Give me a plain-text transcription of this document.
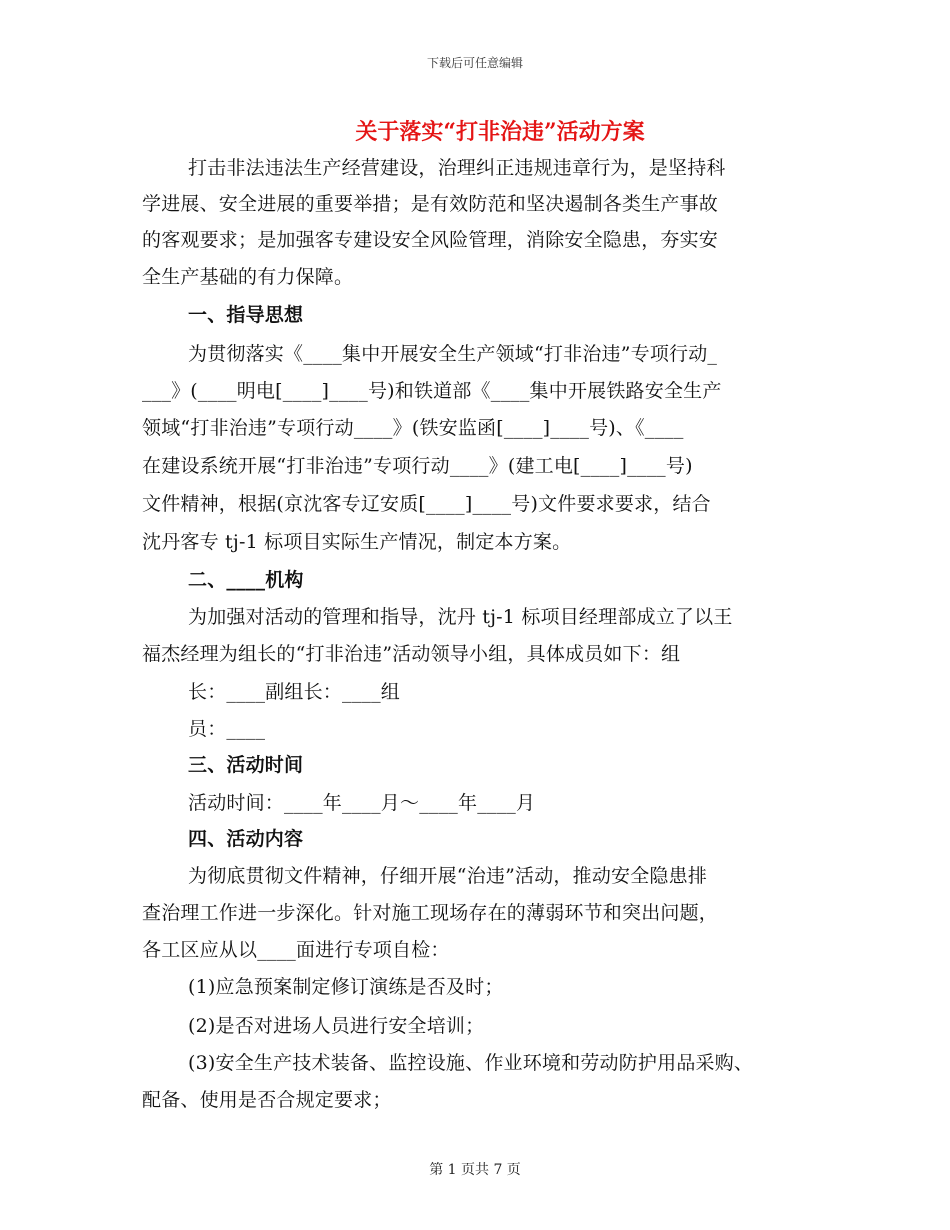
下载后可任意编辑
关于落实“打非治违”活动方案
打击非法违法生产经营建设，治理纠正违规违章行为，是坚持科
学进展、安全进展的重要举措；是有效防范和坚决遏制各类生产事故
的客观要求；是加强客专建设安全风险管理，消除安全隐患，夯实安
全生产基础的有力保障。
一、指导思想
为贯彻落实《____集中开展安全生产领域“打非治违”专项行动_
___》(____明电[____]____号)和铁道部《____集中开展铁路安全生产
领域“打非治违”专项行动____》(铁安监函[____]____号)、《____
在建设系统开展“打非治违”专项行动____》(建工电[____]____号)
文件精神，根据(京沈客专辽安质[____]____号)文件要求要求，结合
沈丹客专 tj-1 标项目实际生产情况，制定本方案。
二、____机构
为加强对活动的管理和指导，沈丹 tj-1 标项目经理部成立了以王
福杰经理为组长的“打非治违”活动领导小组，具体成员如下：组
长：____副组长：____组
员：____
三、活动时间
活动时间：____年____月～____年____月
四、活动内容
为彻底贯彻文件精神，仔细开展“治违”活动，推动安全隐患排
查治理工作进一步深化。针对施工现场存在的薄弱环节和突出问题，
各工区应从以____面进行专项自检：
(1)应急预案制定修订演练是否及时；
(2)是否对进场人员进行安全培训；
(3)安全生产技术装备、监控设施、作业环境和劳动防护用品采购、
配备、使用是否合规定要求；
第 1 页共 7 页
